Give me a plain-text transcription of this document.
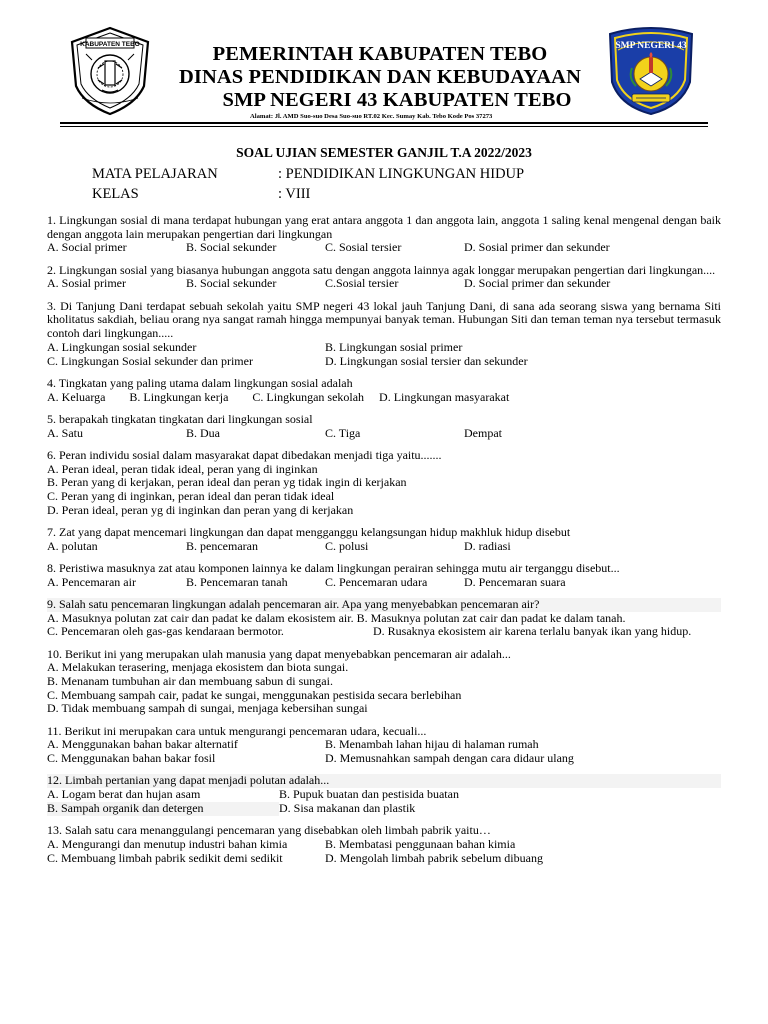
KABUPATEN TEBO	PEMERINTAH KABUPATEN TEBO
DINAS PENDIDIKAN DAN KEBUDAYAAN
SMP NEGERI 43 KABUPATEN TEBO
Alamat: Jl. AMD Suo-suo Desa Suo-suo RT.02 Kec. Sumay Kab. Tebo Kode Pos 37273
SMP NEGERI 43
SOAL UJIAN SEMESTER GANJIL T.A 2022/2023
MATA PELAJARAN	: PENDIDIKAN LINGKUNGAN HIDUP
KELAS	: VIII
1. Lingkungan sosial di mana terdapat hubungan yang erat antara anggota 1 dan anggota lain, anggota 1 saling kenal mengenal dengan baik dengan anggota lain merupakan pengertian dari lingkungan
A. Social primer	B. Social sekunder	C. Sosial tersier	D. Sosial primer dan sekunder
2. Lingkungan sosial yang biasanya hubungan anggota satu dengan anggota lainnya agak longgar merupakan pengertian dari lingkungan....
A. Sosial primer	B. Social sekunder	C.Sosial tersier	D. Social primer dan sekunder
3. Di Tanjung Dani terdapat sebuah sekolah yaitu SMP negeri 43 lokal jauh Tanjung Dani, di sana ada seorang siswa yang bernama Siti kholitatus sakdiah, beliau orang nya sangat ramah hingga mempunyai banyak teman. Hubungan Siti dan teman teman nya tersebut termasuk contoh dari lingkungan.....
A. Lingkungan sosial sekunder	B. Lingkungan sosial primer
C. Lingkungan Sosial sekunder dan primer	D. Lingkungan sosial tersier dan sekunder
4. Tingkatan yang paling utama dalam lingkungan sosial adalah
A. Keluarga        B. Lingkungan kerja        C. Lingkungan sekolah     D. Lingkungan masyarakat
5. berapakah tingkatan tingkatan dari lingkungan sosial
A. Satu	B. Dua	C. Tiga	Dempat
6. Peran individu sosial dalam masyarakat dapat dibedakan menjadi tiga yaitu.......
A. Peran ideal, peran tidak ideal, peran yang di inginkan
B. Peran yang di kerjakan, peran ideal dan peran yg tidak ingin di kerjakan
C. Peran yang di inginkan, peran ideal dan peran tidak ideal
D. Peran ideal, peran yg di inginkan dan peran yang di kerjakan
7. Zat yang dapat mencemari lingkungan dan dapat mengganggu kelangsungan hidup makhluk hidup disebut
A. polutan	B. pencemaran	C. polusi	D. radiasi
8. Peristiwa masuknya zat atau komponen lainnya ke dalam lingkungan perairan sehingga mutu air terganggu disebut...
A. Pencemaran air	B. Pencemaran tanah	C. Pencemaran udara	D. Pencemaran suara
9. Salah satu pencemaran lingkungan adalah pencemaran air. Apa yang menyebabkan pencemaran air?
A. Masuknya polutan zat cair dan padat ke dalam ekosistem air. B. Masuknya polutan zat cair dan padat ke dalam tanah.
C. Pencemaran oleh gas-gas kendaraan bermotor.	D. Rusaknya ekosistem air karena terlalu banyak ikan yang hidup.
10. Berikut ini yang merupakan ulah manusia yang dapat menyebabkan pencemaran air adalah...
A. Melakukan terasering, menjaga ekosistem dan biota sungai.
B. Menanam tumbuhan air dan membuang sabun di sungai.
C. Membuang sampah cair, padat ke sungai, menggunakan pestisida secara berlebihan
D. Tidak membuang sampah di sungai, menjaga kebersihan sungai
11. Berikut ini merupakan cara untuk mengurangi pencemaran udara, kecuali...
A. Menggunakan bahan bakar alternatif	B. Menambah lahan hijau di halaman rumah
C. Menggunakan bahan bakar fosil	D. Memusnahkan sampah dengan cara didaur ulang
12. Limbah pertanian yang dapat menjadi polutan adalah...
A. Logam berat dan hujan asam	B. Pupuk buatan dan pestisida buatan
B. Sampah organik dan detergen	D. Sisa makanan dan plastik
13. Salah satu cara menanggulangi pencemaran yang disebabkan oleh limbah pabrik yaitu…
A. Mengurangi dan menutup industri bahan kimia	B. Membatasi penggunaan bahan kimia
C. Membuang limbah pabrik sedikit demi sedikit	D. Mengolah limbah pabrik sebelum dibuang
